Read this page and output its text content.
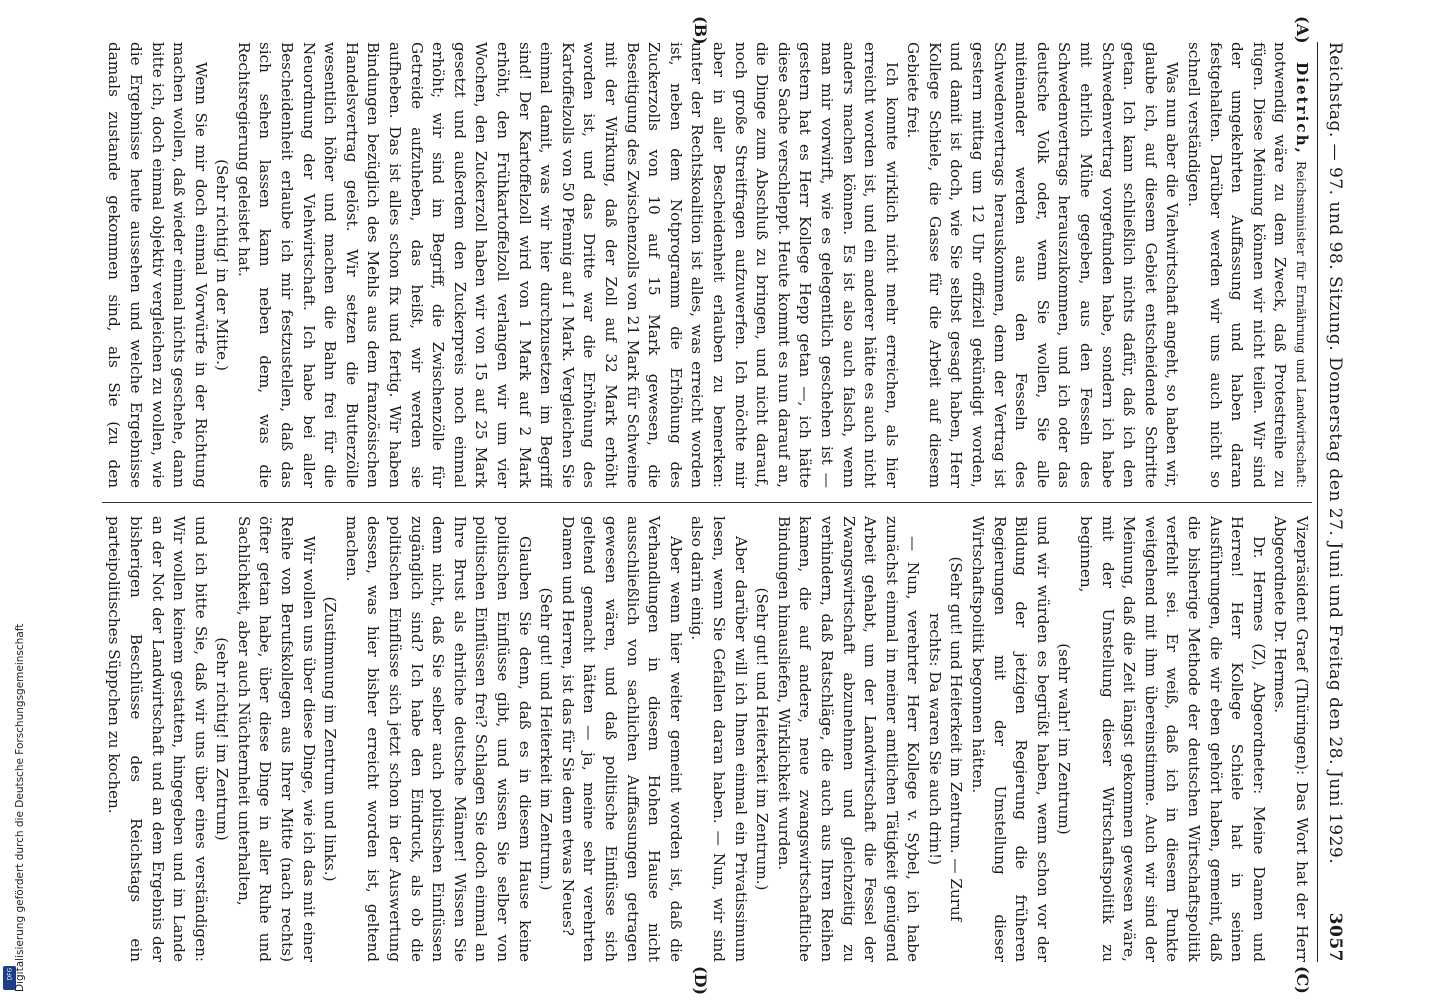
Reichstag. — 97. und 98. Sitzung. Donnerstag den 27. Juni und Freitag den 28. Juni 1929.
3057

Dietrich, Reichsminister für Ernährung und Landwirtschaft: notwendig wäre zu dem Zweck, daß Protestreihe zu fügen. Diese Meinung können wir nicht teilen. Wir sind der umgekehrten Auffassung und haben daran festgehalten. Darüber werden wir uns auch nicht so schnell verständigen.

Was nun aber die Viehwirtschaft angeht, so haben wir, glaube ich, auf diesem Gebiet entscheidende Schritte getan. Ich kann schließlich nichts dafür, daß ich den Schwedenvertrag vorgefunden habe, sondern ich habe mit ehrlich Mühe gegeben, aus den Fesseln des Schwedenvertrags herauszukommen, und ich oder das deutsche Volk oder, wenn Sie wollen, Sie alle miteinander werden aus den Fesseln des Schwedenvertrags herauskommen, denn der Vertrag ist gestern mittag um 12 Uhr offiziell gekündigt worden, und damit ist doch, wie Sie selbst gesagt haben, Herr Kollege Schiele, die Gasse für die Arbeit auf diesem Gebiete frei.

Ich konnte wirklich nicht mehr erreichen, als hier erreicht worden ist, und ein anderer hätte es auch nicht anders machen können. Es ist also auch falsch, wenn man mir vorwirft, wie es gelegentlich geschehen ist — gestern hat es Herr Kollege Hepp getan —, ich hätte diese Sache verschleppt. Heute kommt es nun darauf an, die Dinge zum Abschluß zu bringen, und nicht darauf, noch große Streitfragen aufzuwerfen. Ich möchte mir aber in aller Bescheidenheit erlauben zu bemerken: unter der Rechtskoalition ist alles, was erreicht worden ist, neben dem Notprogramm die Erhöhung des Zuckerzolls von 10 auf 15 Mark gewesen, die Beseitigung des Zwischenzolls von 21 Mark für Schweine mit der Wirkung, daß der Zoll auf 32 Mark erhöht worden ist, und das Dritte war die Erhöhung des Kartoffelzolls von 50 Pfennig auf 1 Mark. Vergleichen Sie einmal damit, was wir hier durchzusetzen im Begriff sind! Der Kartoffelzoll wird von 1 Mark auf 2 Mark erhöht, den Frühkartoffelzoll verlangen wir um vier Wochen, den Zuckerzoll haben wir von 15 auf 25 Mark gesetzt und außerdem den Zuckerpreis noch einmal erhöht; wir sind im Begriff, die Zwischenzölle für Getreide aufzuheben, das heißt, wir werden sie aufheben. Das ist alles schon fix und fertig. Wir haben Bindungen bezüglich des Mehls aus dem französischen Handelsvertrag gelöst. Wir setzen die Butterzölle wesentlich höher und machen die Bahn frei für die Neuordnung der Viehwirtschaft. Ich habe bei aller Bescheidenheit erlaube ich mir festzustellen, daß das sich sehen lassen kann neben dem, was die Rechtsregierung geleistet hat.

(Sehr richtig! in der Mitte.)

Wenn Sie mir doch einmal Vorwürfe in der Richtung machen wollen, daß wieder einmal nichts geschehe, dann bitte ich, doch einmal objektiv vergleichen zu wollen, wie die Ergebnisse heute aussehen und welche Ergebnisse damals zustande gekommen sind, als Sie (zu den

Vizepräsident Graef (Thüringen): Das Wort hat der Herr Abgeordnete Dr. Hermes.

Dr. Hermes (Z), Abgeordneter: Meine Damen und Herren! Herr Kollege Schiele hat in seinen Ausführungen, die wir eben gehört haben, gemeint, daß die bisherige Methode der deutschen Wirtschaftspolitik verfehlt sei. Er weiß, daß ich in diesem Punkte weitgehend mit ihm übereinstimme. Auch wir sind der Meinung, daß die Zeit längst gekommen gewesen wäre, mit der Umstellung dieser Wirtschaftspolitik zu beginnen,

(sehr wahr! im Zentrum)

und wir würden es begrüßt haben, wenn schon vor der Bildung der jetzigen Regierung die früheren Regierungen mit der Umstellung dieser Wirtschaftspolitik begonnen hätten.

(Sehr gut! und Heiterkeit im Zentrum. — Zuruf rechts: Da waren Sie auch drin!)

— Nun, verehrter Herr Kollege v. Sybel, ich habe zunächst einmal in meiner amtlichen Tätigkeit genügend Arbeit gehabt, um der Landwirtschaft die Fessel der Zwangswirtschaft abzunehmen und gleichzeitig zu verhindern, daß Ratschläge, die auch aus Ihren Reihen kamen, die auf andere, neue zwangswirtschaftliche Bindungen hinausliefen, Wirklichkeit wurden.

(Sehr gut! und Heiterkeit im Zentrum.)

Aber darüber will ich Ihnen einmal ein Privatissimum lesen, wenn Sie Gefallen daran haben. — Nun, wir sind also darin einig.

Aber wenn hier weiter gemeint worden ist, daß die Verhandlungen in diesem Hohen Hause nicht ausschließlich von sachlichen Auffassungen getragen gewesen wären, und daß politische Einflüsse sich geltend gemacht hätten — ja, meine sehr verehrten Damen und Herren, ist das für Sie denn etwas Neues?

(Sehr gut! und Heiterkeit im Zentrum.)

Glauben Sie denn, daß es in diesem Hause keine politischen Einflüsse gibt, und wissen Sie selber von politischen Einflüssen frei? Schlagen Sie doch einmal an Ihre Brust als ehrliche deutsche Männer! Wissen Sie denn nicht, daß Sie selber auch politischen Einflüssen zugänglich sind? Ich habe den Eindruck, als ob die politischen Einflüsse sich jetzt schon in der Auswertung dessen, was hier bisher erreicht worden ist, geltend machen.

(Zustimmung im Zentrum und links.)

Wir wollen uns über diese Dinge, wie ich das mit einer Reihe von Berufskollegen aus Ihrer Mitte (nach rechts) öfter getan habe, über diese Dinge in aller Ruhe und Sachlichkeit, aber auch Nüchternheit unterhalten,

(sehr richtig! im Zentrum)

und ich bitte Sie, daß wir uns über eines verständigen: Wir wollen keinem gestatten, hingegeben und im Lande an der Not der Landwirtschaft und an dem Ergebnis der bisherigen Beschlüsse des Reichstags ein parteipolitisches Süppchen zu kochen.

(A)
(B)
(C)
(D)
DFG Digitalisierung gefördert durch die Deutsche Forschungsgemeinschaft
